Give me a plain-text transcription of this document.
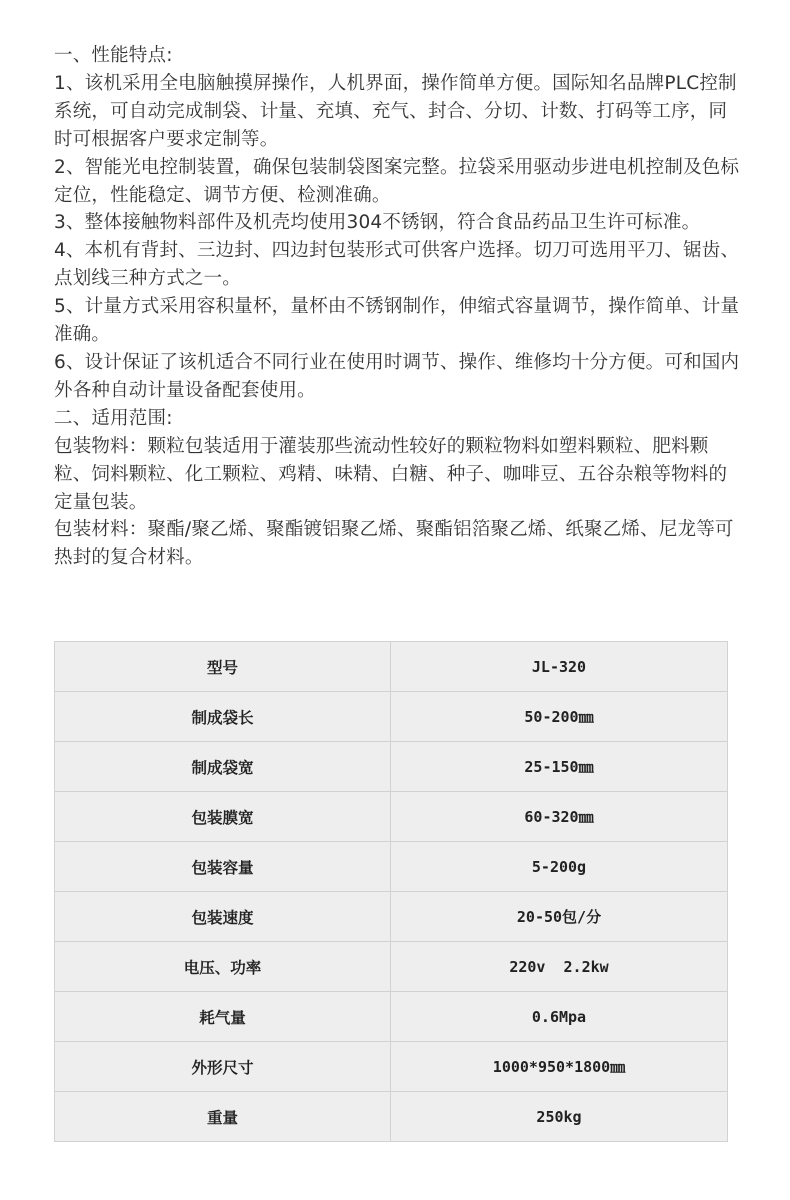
一、性能特点:

1、该机采用全电脑触摸屏操作，人机界面，操作简单方便。国际知名品牌PLC控制系统，可自动完成制袋、计量、充填、充气、封合、分切、计数、打码等工序，同时可根据客户要求定制等。

2、智能光电控制装置，确保包装制袋图案完整。拉袋采用驱动步进电机控制及色标定位，性能稳定、调节方便、检测准确。

3、整体接触物料部件及机壳均使用304不锈钢，符合食品药品卫生许可标准。

4、本机有背封、三边封、四边封包装形式可供客户选择。切刀可选用平刀、锯齿、点划线三种方式之一。

5、计量方式采用容积量杯，量杯由不锈钢制作，伸缩式容量调节，操作简单、计量准确。

6、设计保证了该机适合不同行业在使用时调节、操作、维修均十分方便。可和国内外各种自动计量设备配套使用。

二、适用范围:

包装物料：颗粒包装适用于灌装那些流动性较好的颗粒物料如塑料颗粒、肥料颗粒、饲料颗粒、化工颗粒、鸡精、味精、白糖、种子、咖啡豆、五谷杂粮等物料的定量包装。

包装材料：聚酯/聚乙烯、聚酯镀铝聚乙烯、聚酯铝箔聚乙烯、纸聚乙烯、尼龙等可热封的复合材料。

型号	JL-320
制成袋长	50-200㎜
制成袋宽	25-150㎜
包装膜宽	60-320㎜
包装容量	5-200g
包装速度	20-50包/分
电压、功率	220v  2.2kw
耗气量	0.6Mpa
外形尺寸	1000*950*1800㎜
重量	250kg
